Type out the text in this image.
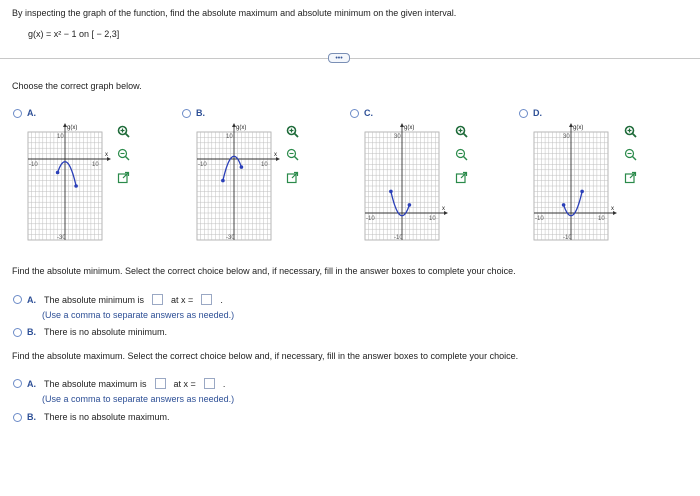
By inspecting the graph of the function, find the absolute maximum and absolute minimum on the given interval.
g(x) = x² − 1 on [ − 2,3]
•••
Choose the correct graph below.
A.	B.	C.	D.
g(x)
x
-10	10
10
-30
g(x)
x
-10	10
10
-30
g(x)
x
-10	10
30
-10
g(x)
x
-10	10
30
-10
Find the absolute minimum. Select the correct choice below and, if necessary, fill in the answer boxes to complete your choice.
A. The absolute minimum is	at x =	.
(Use a comma to separate answers as needed.)
B. There is no absolute minimum.
Find the absolute maximum. Select the correct choice below and, if necessary, fill in the answer boxes to complete your choice.
A. The absolute maximum is	at x =	.
(Use a comma to separate answers as needed.)
B. There is no absolute maximum.
